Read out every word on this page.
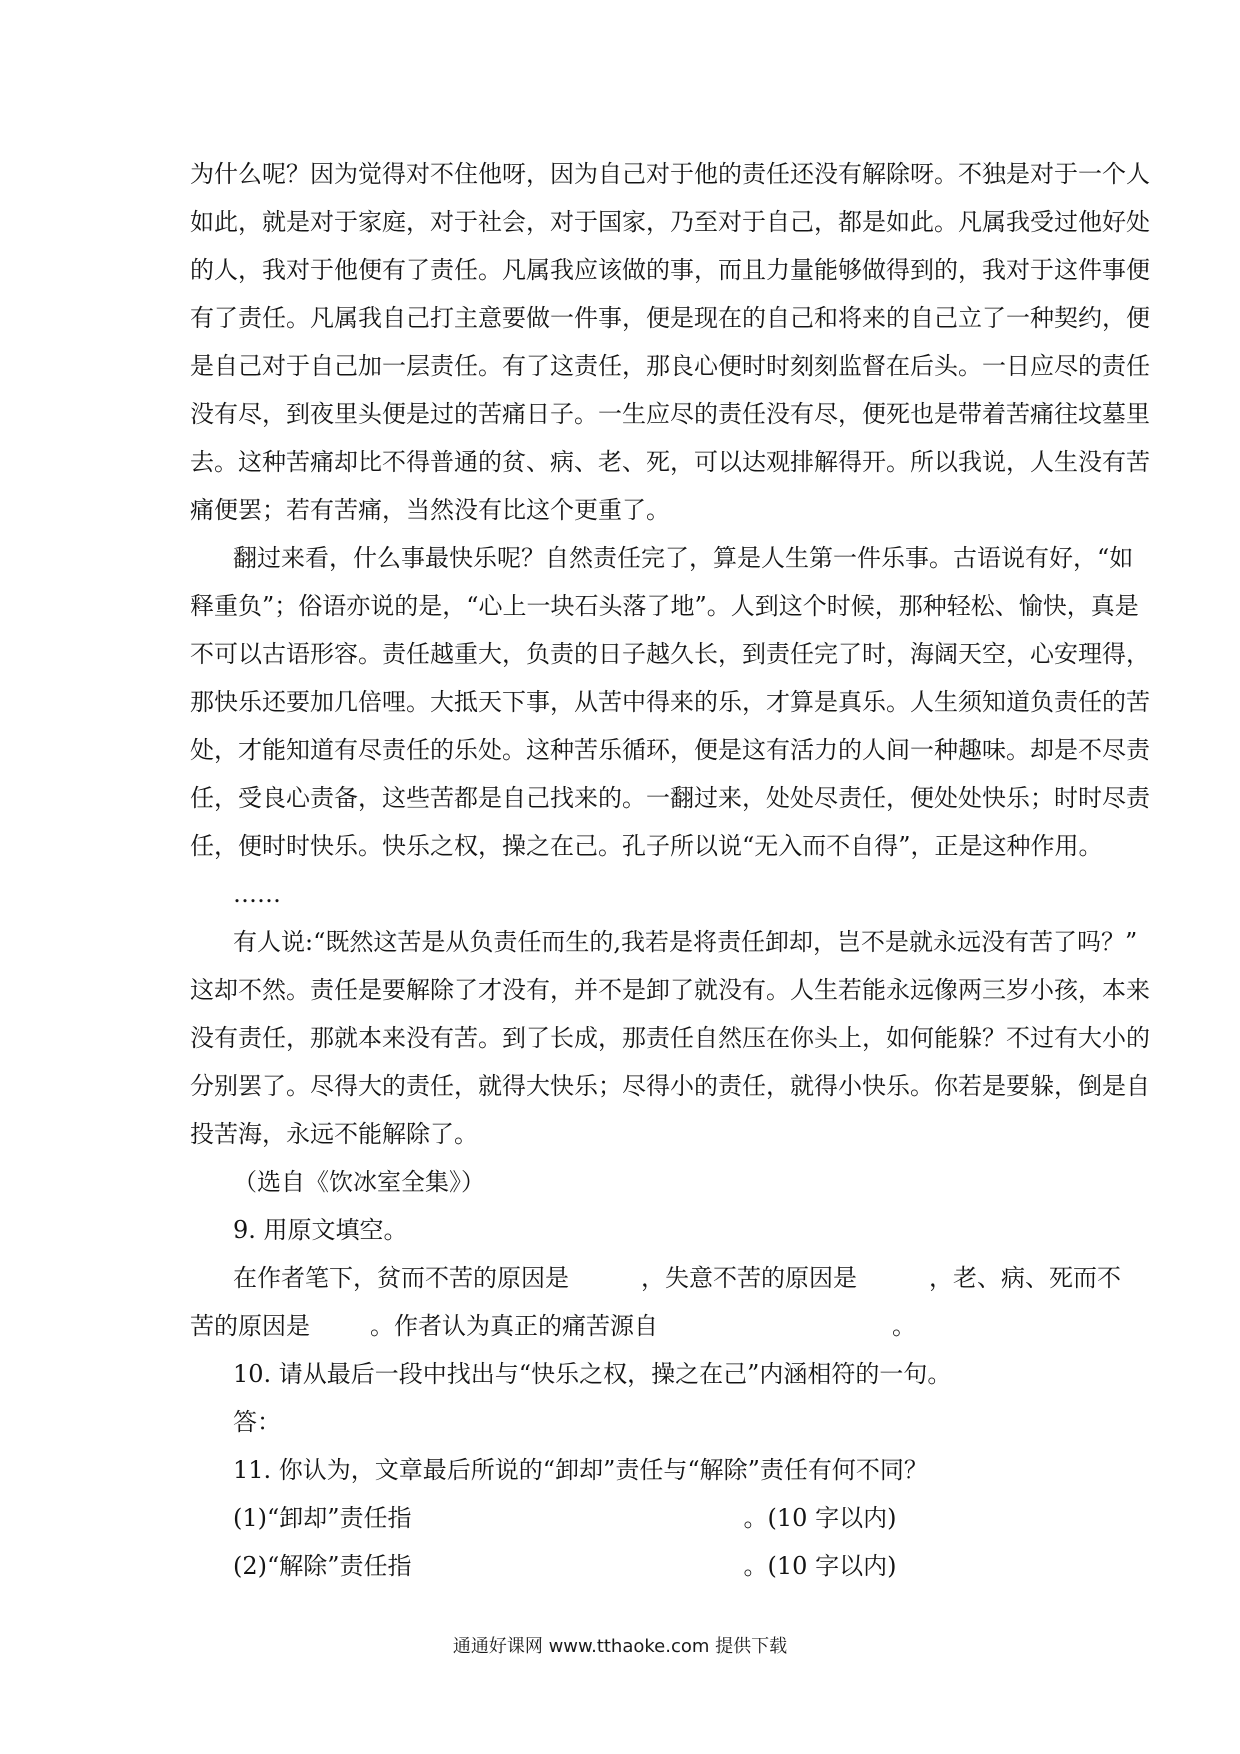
为什么呢？因为觉得对不住他呀，因为自己对于他的责任还没有解除呀。不独是对于一个人
如此，就是对于家庭，对于社会，对于国家，乃至对于自己，都是如此。凡属我受过他好处
的人，我对于他便有了责任。凡属我应该做的事，而且力量能够做得到的，我对于这件事便
有了责任。凡属我自己打主意要做一件事，便是现在的自己和将来的自己立了一种契约，便
是自己对于自己加一层责任。有了这责任，那良心便时时刻刻监督在后头。一日应尽的责任
没有尽，到夜里头便是过的苦痛日子。一生应尽的责任没有尽，便死也是带着苦痛往坟墓里
去。这种苦痛却比不得普通的贫、病、老、死，可以达观排解得开。所以我说，人生没有苦
痛便罢；若有苦痛，当然没有比这个更重了。
翻过来看，什么事最快乐呢？自然责任完了，算是人生第一件乐事。古语说有好，“如
释重负”；俗语亦说的是，“心上一块石头落了地”。人到这个时候，那种轻松、愉快，真是
不可以古语形容。责任越重大，负责的日子越久长，到责任完了时，海阔天空，心安理得，
那快乐还要加几倍哩。大抵天下事，从苦中得来的乐，才算是真乐。人生须知道负责任的苦
处，才能知道有尽责任的乐处。这种苦乐循环，便是这有活力的人间一种趣味。却是不尽责
任，受良心责备，这些苦都是自己找来的。一翻过来，处处尽责任，便处处快乐；时时尽责
任，便时时快乐。快乐之权，操之在己。孔子所以说“无入而不自得”，正是这种作用。
……
有人说:“既然这苦是从负责任而生的,我若是将责任卸却，岂不是就永远没有苦了吗？”
这却不然。责任是要解除了才没有，并不是卸了就没有。人生若能永远像两三岁小孩，本来
没有责任，那就本来没有苦。到了长成，那责任自然压在你头上，如何能躲？不过有大小的
分别罢了。尽得大的责任，就得大快乐；尽得小的责任，就得小快乐。你若是要躲，倒是自
投苦海，永远不能解除了。
（选自《饮冰室全集》）
9. 用原文填空。
在作者笔下，贫而不苦的原因是	，失意不苦的原因是	，老、病、死而不
苦的原因是	。作者认为真正的痛苦源自	。
10. 请从最后一段中找出与“快乐之权，操之在己”内涵相符的一句。
答：
11. 你认为，文章最后所说的“卸却”责任与“解除”责任有何不同？
(1)“卸却”责任指	。(10 字以内)
(2)“解除”责任指	。(10 字以内)
通通好课网 www.tthaoke.com 提供下载
